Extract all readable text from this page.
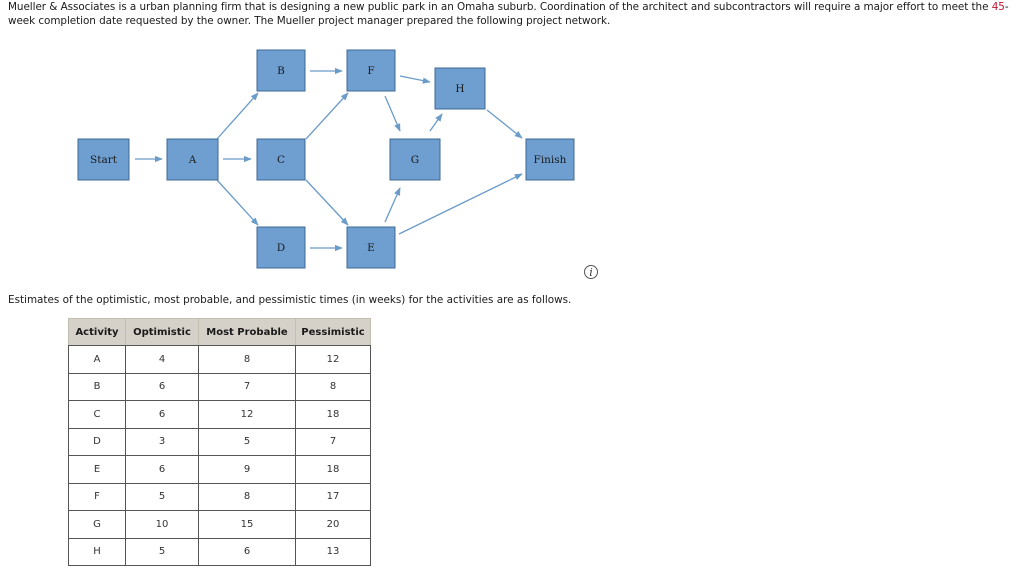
Mueller & Associates is a urban planning firm that is designing a new public park in an Omaha suburb. Coordination of the architect and subcontractors will require a major effort to meet the 45-week completion date requested by the owner. The Mueller project manager prepared the following project network.
Start	A
B
C
D
F
E
H
G	Finish
i
Estimates of the optimistic, most probable, and pessimistic times (in weeks) for the activities are as follows.
Activity	Optimistic	Most Probable	Pessimistic
A	4	8	12
B	6	7	8
C	6	12	18
D	3	5	7
E	6	9	18
F	5	8	17
G	10	15	20
H	5	6	13
